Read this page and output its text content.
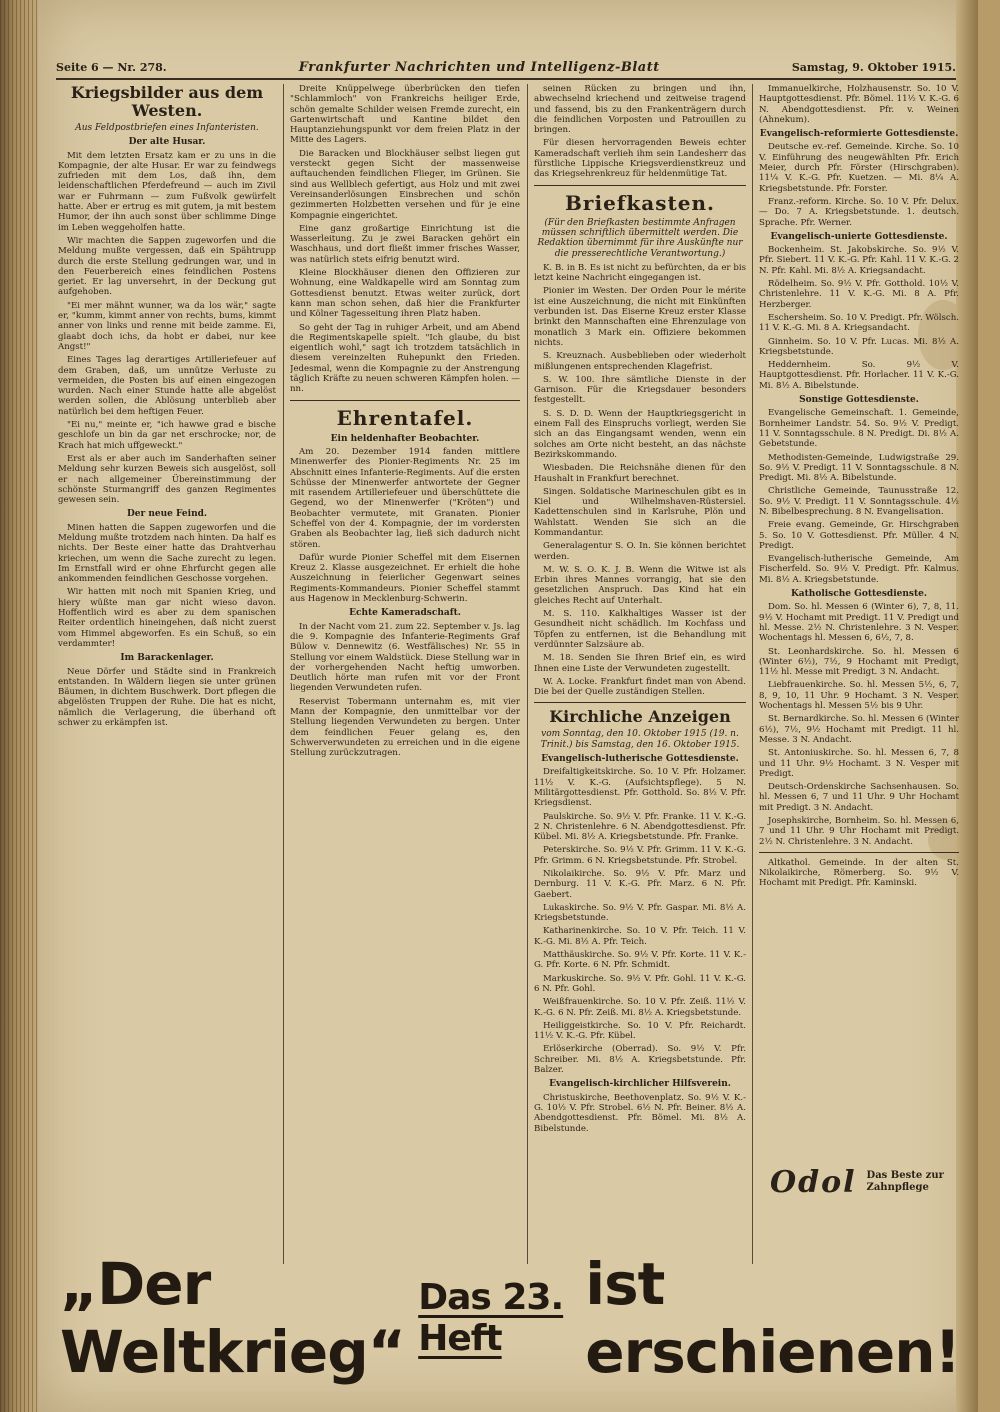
Seite 6 — Nr. 278.	Frankfurter Nachrichten und Intelligenz-Blatt	Samstag, 9. Oktober 1915.
Kriegsbilder aus dem Westen.
Aus Feldpostbriefen eines Infanteristen.
Der alte Husar.

Mit dem letzten Ersatz kam er zu uns in die Kompagnie, der alte Husar. Er war zu feindwegs zufrieden mit dem Los, daß ihn, dem leidenschaftlichen Pferdefreund — auch im Zivil war er Fuhrmann — zum Fußvolk gewürfelt hatte. Aber er ertrug es mit gutem, ja mit bestem Humor, der ihn auch sonst über schlimme Dinge im Leben weggeholfen hatte.

Wir machten die Sappen zugeworfen und die Meldung mußte vergessen, daß ein Spähtrupp durch die erste Stellung gedrungen war, und in den Feuerbereich eines feindlichen Postens geriet. Er lag unversehrt, in der Deckung gut aufgehoben.

"Ei mer mähnt wunner, wa da los wär," sagte er, "kumm, kimmt anner von rechts, bums, kimmt anner von links und renne mit beide zamme. Ei, glaabt doch ichs, da hobt er dabei, nur kee Angst!"

Eines Tages lag derartiges Artilleriefeuer auf dem Graben, daß, um unnütze Verluste zu vermeiden, die Posten bis auf einen eingezogen wurden. Nach einer Stunde hatte alle abgelöst werden sollen, die Ablösung unterblieb aber natürlich bei dem heftigen Feuer.

"Ei nu," meinte er, "ich hawwe grad e bische geschlofe un bin da gar net erschrocke; nor, de Krach hat mich uffgeweckt."

Erst als er aber auch im Sanderhaften seiner Meldung sehr kurzen Beweis sich ausgelöst, soll er nach allgemeiner Übereinstimmung der schönste Sturmangriff des ganzen Regimentes gewesen sein.

Der neue Feind.

Minen hatten die Sappen zugeworfen und die Meldung mußte trotzdem nach hinten. Da half es nichts. Der Beste einer hatte das Drahtverhau kriechen, um wenn die Sache zurecht zu legen. Im Ernstfall wird er ohne Ehrfurcht gegen alle ankommenden feindlichen Geschosse vorgehen.

Wir hatten mit noch mit Spanien Krieg, und hiery wüßte man gar nicht wieso davon. Hoffentlich wird es aber zu dem spanischen Reiter ordentlich hineingehen, daß nicht zuerst vom Himmel abgeworfen. Es ein Schuß, so ein verdammter!

Im Barackenlager.

Neue Dörfer und Städte sind in Frankreich entstanden. In Wäldern liegen sie unter grünen Bäumen, in dichtem Buschwerk. Dort pflegen die abgelösten Truppen der Ruhe. Die hat es nicht, nämlich die Verlagerung, die überhand oft schwer zu erkämpfen ist.

Dreite Knüppelwege überbrücken den tiefen "Schlammloch" von Frankreichs heiliger Erde, schön gemalte Schilder weisen Fremde zurecht, ein Gartenwirtschaft und Kantine bildet den Hauptanziehungspunkt vor dem freien Platz in der Mitte des Lagers.

Die Baracken und Blockhäuser selbst liegen gut versteckt gegen Sicht der massenweise auftauchenden feindlichen Flieger, im Grünen. Sie sind aus Wellblech gefertigt, aus Holz und mit zwei Vereinsanderlösungen Einsbrechen und schön gezimmerten Holzbetten versehen und für je eine Kompagnie eingerichtet.

Eine ganz großartige Einrichtung ist die Wasserleitung. Zu je zwei Baracken gehört ein Waschhaus, und dort fließt immer frisches Wasser, was natürlich stets eifrig benutzt wird.

Kleine Blockhäuser dienen den Offizieren zur Wohnung, eine Waldkapelle wird am Sonntag zum Gottesdienst benutzt. Etwas weiter zurück, dort kann man schon sehen, daß hier die Frankfurter und Kölner Tagesseitung ihren Platz haben.

So geht der Tag in ruhiger Arbeit, und am Abend die Regimentskapelle spielt. "Ich glaube, du bist eigentlich wohl," sagt ich trotzdem tatsächlich in diesem vereinzelten Ruhepunkt den Frieden. Jedesmal, wenn die Kompagnie zu der Anstrengung täglich Kräfte zu neuen schweren Kämpfen holen. —nn.

Ehrentafel.
Ein heldenhafter Beobachter.

Am 20. Dezember 1914 fanden mittlere Minenwerfer des Pionier-Regiments Nr. 25 im Abschnitt eines Infanterie-Regiments. Auf die ersten Schüsse der Minenwerfer antwortete der Gegner mit rasendem Artilleriefeuer und überschüttete die Gegend, wo der Minenwerfer ("Kröten") und Beobachter vermutete, mit Granaten. Pionier Scheffel von der 4. Kompagnie, der im vordersten Graben als Beobachter lag, ließ sich dadurch nicht stören.

Dafür wurde Pionier Scheffel mit dem Eisernen Kreuz 2. Klasse ausgezeichnet. Er erhielt die hohe Auszeichnung in feierlicher Gegenwart seines Regiments-Kommandeurs. Pionier Scheffel stammt aus Hagenow in Mecklenburg-Schwerin.

Echte Kameradschaft.

In der Nacht vom 21. zum 22. September v. Js. lag die 9. Kompagnie des Infanterie-Regiments Graf Bülow v. Dennewitz (6. Westfälisches) Nr. 55 in Stellung vor einem Waldstück. Diese Stellung war in der vorhergehenden Nacht heftig umworben. Deutlich hörte man rufen mit vor der Front liegenden Verwundeten rufen.

Reservist Tobermann unternahm es, mit vier Mann der Kompagnie, den unmittelbar vor der Stellung liegenden Verwundeten zu bergen. Unter dem feindlichen Feuer gelang es, den Schwerverwundeten zu erreichen und in die eigene Stellung zurückzutragen.

seinen Rücken zu bringen und ihn, abwechselnd kriechend und zeitweise tragend und fassend, bis zu den Frankenträgern durch die feindlichen Vorposten und Patrouillen zu bringen.

Für diesen hervorragenden Beweis echter Kameradschaft verlieh ihm sein Landesherr das fürstliche Lippische Kriegsverdienstkreuz und das Kriegsehrenkreuz für heldenmütige Tat.

Briefkasten.
(Für den Briefkasten bestimmte Anfragen müssen schriftlich übermittelt werden. Die Redaktion übernimmt für ihre Auskünfte nur die presserechtliche Verantwortung.)

K. B. in B. Es ist nicht zu befürchten, da er bis letzt keine Nachricht eingegangen ist.

Pionier im Westen. Der Orden Pour le mérite ist eine Auszeichnung, die nicht mit Einkünften verbunden ist. Das Eiserne Kreuz erster Klasse brinkt den Mannschaften eine Ehrenzulage von monatlich 3 Mark ein. Offiziere bekommen nichts.

S. Kreuznach. Ausbeblieben oder wiederholt mißlungenen entsprechenden Klagefrist.

S. W. 100. Ihre sämtliche Dienste in der Garnison. Für die Kriegsdauer besonders festgestellt.

S. S. D. D. Wenn der Hauptkriegsgericht in einem Fall des Einspruchs vorliegt, werden Sie sich an das Eingangsamt wenden, wenn ein solches am Orte nicht besteht, an das nächste Bezirkskommando.

Wiesbaden. Die Reichsnähe dienen für den Haushalt in Frankfurt berechnet.

Singen. Soldatische Marineschulen gibt es in Kiel und Wilhelmshaven-Rüstersiel. Kadettenschulen sind in Karlsruhe, Plön und Wahlstatt. Wenden Sie sich an die Kommandantur.

Generalagentur S. O. In. Sie können berichtet werden.

M. W. S. O. K. J. B. Wenn die Witwe ist als Erbin ihres Mannes vorrangig, hat sie den gesetzlichen Anspruch. Das Kind hat ein gleiches Recht auf Unterhalt.

M. S. 110. Kalkhaltiges Wasser ist der Gesundheit nicht schädlich. Im Kochfass und Töpfen zu entfernen, ist die Behandlung mit verdünnter Salzsäure ab.

M. 18. Senden Sie Ihren Brief ein, es wird Ihnen eine Liste der Verwundeten zugestellt.

W. A. Locke. Frankfurt findet man von Abend. Die bei der Quelle zuständigen Stellen.

Kirchliche Anzeigen
vom Sonntag, den 10. Oktober 1915 (19. n. Trinit.) bis Samstag, den 16. Oktober 1915.
Evangelisch-lutherische Gottesdienste.

Dreifaltigkeitskirche. So. 10 V. Pfr. Holzamer. 11½ V. K.-G. (Aufsichtspflege). 5 N. Militärgottesdienst. Pfr. Gotthold. So. 8½ V. Pfr. Kriegsdienst.

Paulskirche. So. 9½ V. Pfr. Franke. 11 V. K.-G. 2 N. Christenlehre. 6 N. Abendgottesdienst. Pfr. Kübel. Mi. 8½ A. Kriegsbetstunde. Pfr. Franke.

Peterskirche. So. 9½ V. Pfr. Grimm. 11 V. K.-G. Pfr. Grimm. 6 N. Kriegsbetstunde. Pfr. Strobel.

Nikolaikirche. So. 9½ V. Pfr. Marz und Dernburg. 11 V. K.-G. Pfr. Marz. 6 N. Pfr. Gaebert.

Lukaskirche. So. 9½ V. Pfr. Gaspar. Mi. 8½ A. Kriegsbetstunde.

Katharinenkirche. So. 10 V. Pfr. Teich. 11 V. K.-G. Mi. 8½ A. Pfr. Teich.

Matthäuskirche. So. 9½ V. Pfr. Korte. 11 V. K.-G. Pfr. Korte. 6 N. Pfr. Schmidt.

Markuskirche. So. 9½ V. Pfr. Gohl. 11 V. K.-G. 6 N. Pfr. Gohl.

Weißfrauenkirche. So. 10 V. Pfr. Zeiß. 11½ V. K.-G. 6 N. Pfr. Zeiß. Mi. 8½ A. Kriegsbetstunde.

Heiliggeistkirche. So. 10 V. Pfr. Reichardt. 11½ V. K.-G. Pfr. Kübel.

Erlöserkirche (Oberrad). So. 9½ V. Pfr. Schreiber. Mi. 8½ A. Kriegsbetstunde. Pfr. Balzer.

Evangelisch-kirchlicher Hilfsverein.

Christuskirche, Beethovenplatz. So. 9½ V. K.-G. 10½ V. Pfr. Strobel. 6½ N. Pfr. Beiner. 8½ A. Abendgottesdienst. Pfr. Bömel. Mi. 8½ A. Bibelstunde.

Immanuelkirche, Holzhausenstr. So. 10 V. Hauptgottesdienst. Pfr. Bömel. 11½ V. K.-G. 6 N. Abendgottesdienst. Pfr. v. Weinen (Ahnekum).

Evangelisch-reformierte Gottesdienste.

Deutsche ev.-ref. Gemeinde. Kirche. So. 10 V. Einführung des neugewählten Pfr. Erich Meier, durch Pfr. Förster (Hirschgraben). 11¼ V. K.-G. Pfr. Kuetzen. — Mi. 8¼ A. Kriegsbetstunde. Pfr. Forster.

Franz.-reform. Kirche. So. 10 V. Pfr. Delux. — Do. 7 A. Kriegsbetstunde. 1. deutsch. Sprache. Pfr. Werner.

Evangelisch-unierte Gottesdienste.

Bockenheim. St. Jakobskirche. So. 9½ V. Pfr. Siebert. 11 V. K.-G. Pfr. Kahl. 11 V. K.-G. 2 N. Pfr. Kahl. Mi. 8½ A. Kriegsandacht.

Rödelheim. So. 9½ V. Pfr. Gotthold. 10½ V. Christenlehre. 11 V. K.-G. Mi. 8 A. Pfr. Herzberger.

Eschersheim. So. 10 V. Predigt. Pfr. Wölsch. 11 V. K.-G. Mi. 8 A. Kriegsandacht.

Ginnheim. So. 10 V. Pfr. Lucas. Mi. 8½ A. Kriegsbetstunde.

Heddernheim. So. 9½ V. Hauptgottesdienst. Pfr. Horlacher. 11 V. K.-G. Mi. 8½ A. Bibelstunde.

Sonstige Gottesdienste.

Evangelische Gemeinschaft. 1. Gemeinde, Bornheimer Landstr. 54. So. 9½ V. Predigt. 11 V. Sonntagsschule. 8 N. Predigt. Di. 8½ A. Gebetstunde.

Methodisten-Gemeinde, Ludwigstraße 29. So. 9½ V. Predigt. 11 V. Sonntagsschule. 8 N. Predigt. Mi. 8½ A. Bibelstunde.

Christliche Gemeinde, Taunusstraße 12. So. 9½ V. Predigt. 11 V. Sonntagsschule. 4½ N. Bibelbesprechung. 8 N. Evangelisation.

Freie evang. Gemeinde, Gr. Hirschgraben 5. So. 10 V. Gottesdienst. Pfr. Müller. 4 N. Predigt.

Evangelisch-lutherische Gemeinde, Am Fischerfeld. So. 9½ V. Predigt. Pfr. Kalmus. Mi. 8½ A. Kriegsbetstunde.

Katholische Gottesdienste.

Dom. So. hl. Messen 6 (Winter 6), 7, 8, 11. 9½ V. Hochamt mit Predigt. 11 V. Predigt und hl. Messe. 2½ N. Christenlehre. 3 N. Vesper. Wochentags hl. Messen 6, 6½, 7, 8.

St. Leonhardskirche. So. hl. Messen 6 (Winter 6½), 7½, 9 Hochamt mit Predigt, 11½ hl. Messe mit Predigt. 3 N. Andacht.

Liebfrauenkirche. So. hl. Messen 5½, 6, 7, 8, 9, 10, 11 Uhr. 9 Hochamt. 3 N. Vesper. Wochentags hl. Messen 5½ bis 9 Uhr.

St. Bernardkirche. So. hl. Messen 6 (Winter 6½), 7½, 9½ Hochamt mit Predigt. 11 hl. Messe. 3 N. Andacht.

St. Antoniuskirche. So. hl. Messen 6, 7, 8 und 11 Uhr. 9½ Hochamt. 3 N. Vesper mit Predigt.

Deutsch-Ordenskirche Sachsenhausen. So. hl. Messen 6, 7 und 11 Uhr. 9 Uhr Hochamt mit Predigt. 3 N. Andacht.

Josephskirche, Bornheim. So. hl. Messen 6, 7 und 11 Uhr. 9 Uhr Hochamt mit Predigt. 2½ N. Christenlehre. 3 N. Andacht.

Altkathol. Gemeinde. In der alten St. Nikolaikirche, Römerberg. So. 9½ V. Hochamt mit Predigt. Pfr. Kaminski.

Odol Das Beste zur Zahnpflege
„Der Weltkrieg“
Das 23. Heft
ist erschienen!
